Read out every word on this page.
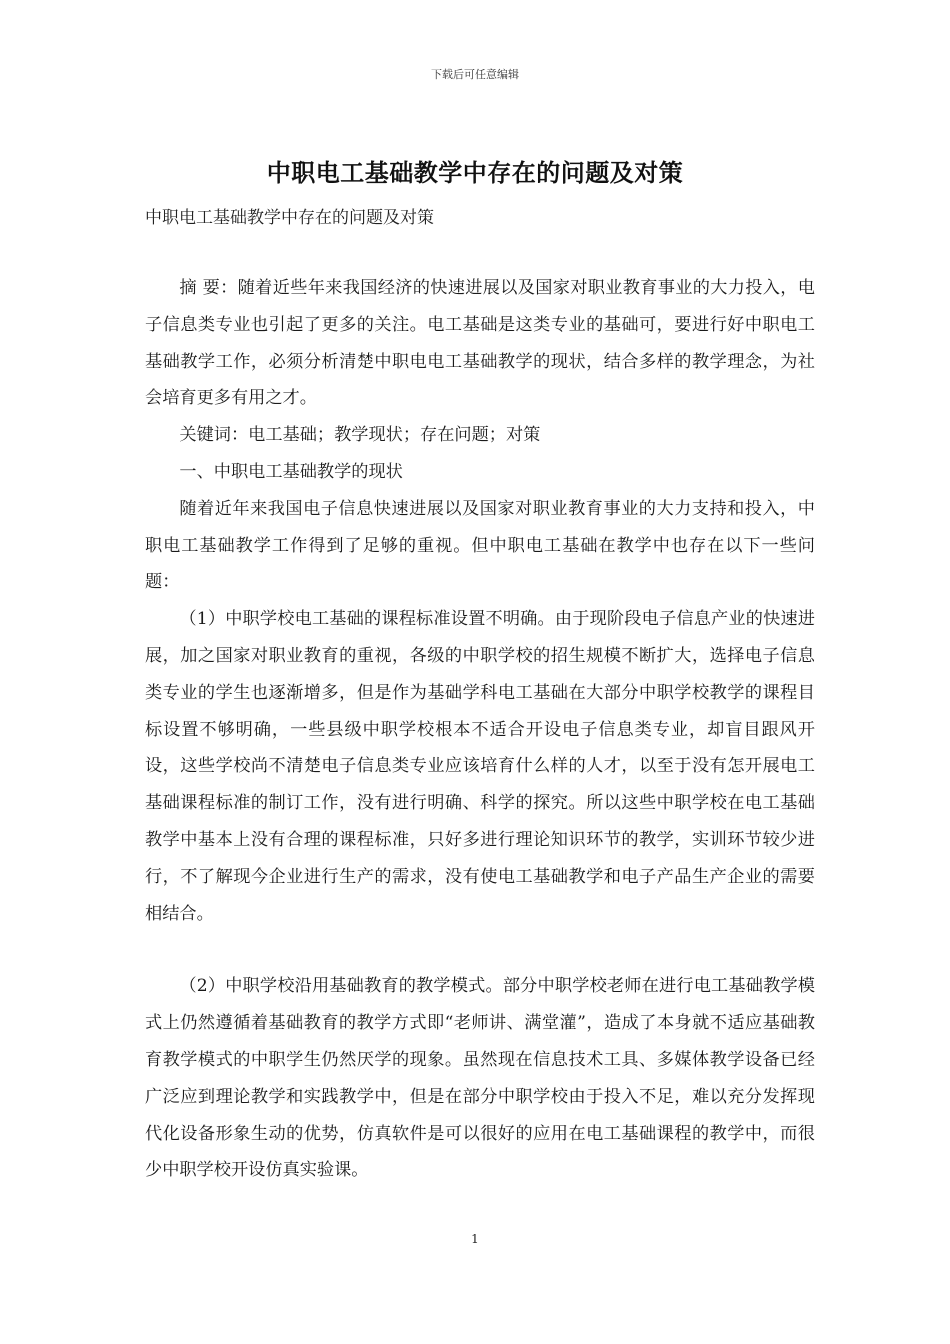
下载后可任意编辑
中职电工基础教学中存在的问题及对策
中职电工基础教学中存在的问题及对策

摘 要：随着近些年来我国经济的快速进展以及国家对职业教育事业的大力投入，电子信息类专业也引起了更多的关注。电工基础是这类专业的基础可，要进行好中职电工基础教学工作，必须分析清楚中职电电工基础教学的现状，结合多样的教学理念，为社会培育更多有用之才。

关键词：电工基础；教学现状；存在问题；对策

一、中职电工基础教学的现状

随着近年来我国电子信息快速进展以及国家对职业教育事业的大力支持和投入，中职电工基础教学工作得到了足够的重视。但中职电工基础在教学中也存在以下一些问题：

（1）中职学校电工基础的课程标准设置不明确。由于现阶段电子信息产业的快速进展，加之国家对职业教育的重视，各级的中职学校的招生规模不断扩大，选择电子信息类专业的学生也逐渐增多，但是作为基础学科电工基础在大部分中职学校教学的课程目标设置不够明确，一些县级中职学校根本不适合开设电子信息类专业，却盲目跟风开设，这些学校尚不清楚电子信息类专业应该培育什么样的人才，以至于没有怎开展电工基础课程标准的制订工作，没有进行明确、科学的探究。所以这些中职学校在电工基础教学中基本上没有合理的课程标准，只好多进行理论知识环节的教学，实训环节较少进行，不了解现今企业进行生产的需求，没有使电工基础教学和电子产品生产企业的需要相结合。

（2）中职学校沿用基础教育的教学模式。部分中职学校老师在进行电工基础教学模式上仍然遵循着基础教育的教学方式即“老师讲、满堂灌”，造成了本身就不适应基础教育教学模式的中职学生仍然厌学的现象。虽然现在信息技术工具、多媒体教学设备已经广泛应到理论教学和实践教学中，但是在部分中职学校由于投入不足，难以充分发挥现代化设备形象生动的优势，仿真软件是可以很好的应用在电工基础课程的教学中，而很少中职学校开设仿真实验课。

1
